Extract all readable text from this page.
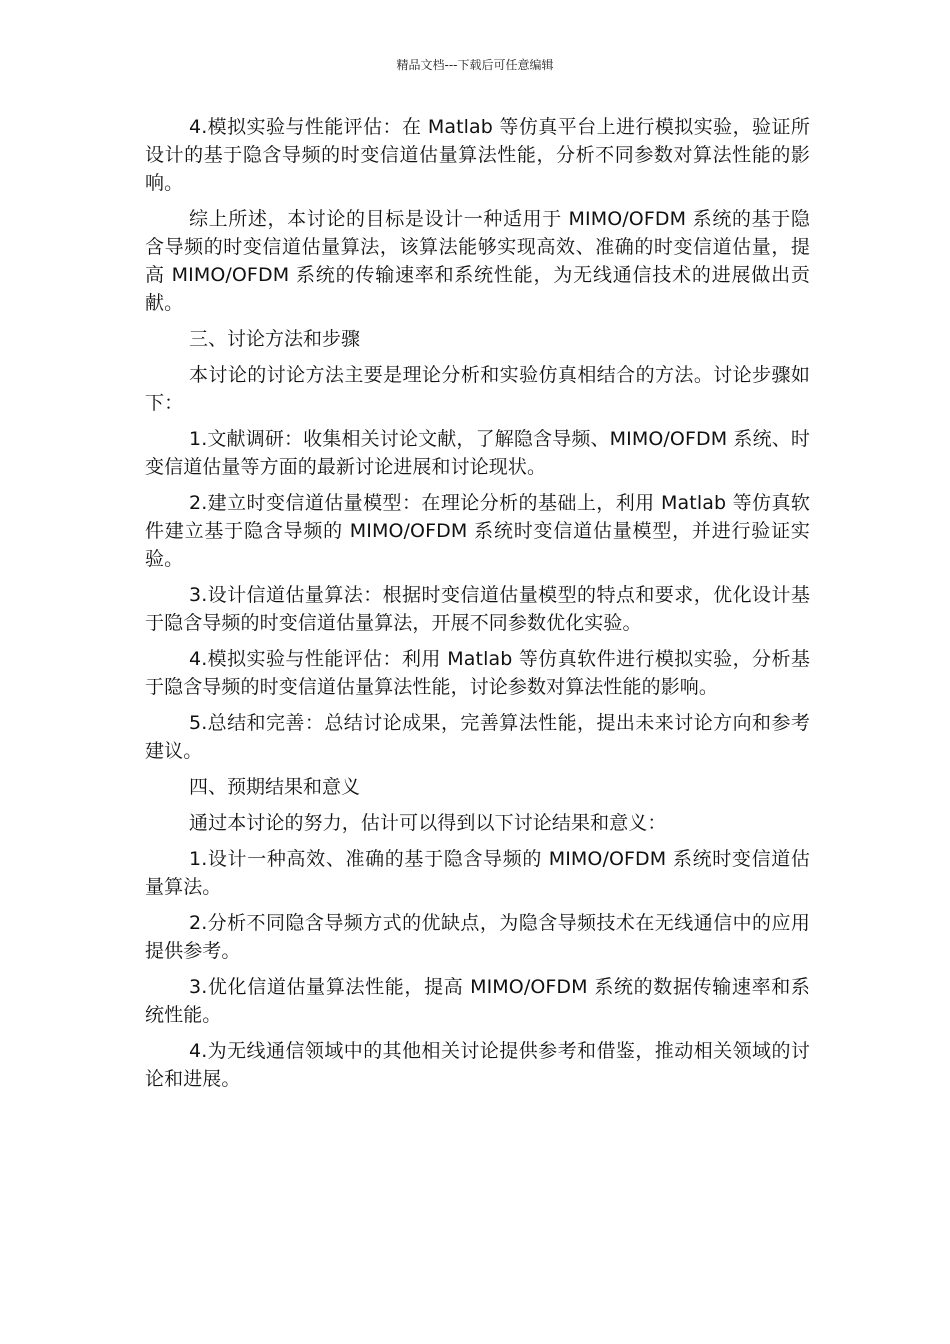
精品文档---下载后可任意编辑

4.模拟实验与性能评估：在 Matlab 等仿真平台上进行模拟实验，验证所设计的基于隐含导频的时变信道估量算法性能，分析不同参数对算法性能的影响。

综上所述，本讨论的目标是设计一种适用于 MIMO/OFDM 系统的基于隐含导频的时变信道估量算法，该算法能够实现高效、准确的时变信道估量，提高 MIMO/OFDM 系统的传输速率和系统性能，为无线通信技术的进展做出贡献。

三、讨论方法和步骤

本讨论的讨论方法主要是理论分析和实验仿真相结合的方法。讨论步骤如下：

1.文献调研：收集相关讨论文献，了解隐含导频、MIMO/OFDM 系统、时变信道估量等方面的最新讨论进展和讨论现状。

2.建立时变信道估量模型：在理论分析的基础上，利用 Matlab 等仿真软件建立基于隐含导频的 MIMO/OFDM 系统时变信道估量模型，并进行验证实验。

3.设计信道估量算法：根据时变信道估量模型的特点和要求，优化设计基于隐含导频的时变信道估量算法，开展不同参数优化实验。

4.模拟实验与性能评估：利用 Matlab 等仿真软件进行模拟实验，分析基于隐含导频的时变信道估量算法性能，讨论参数对算法性能的影响。

5.总结和完善：总结讨论成果，完善算法性能，提出未来讨论方向和参考建议。

四、预期结果和意义

通过本讨论的努力，估计可以得到以下讨论结果和意义：

1.设计一种高效、准确的基于隐含导频的 MIMO/OFDM 系统时变信道估量算法。

2.分析不同隐含导频方式的优缺点，为隐含导频技术在无线通信中的应用提供参考。

3.优化信道估量算法性能，提高 MIMO/OFDM 系统的数据传输速率和系统性能。

4.为无线通信领域中的其他相关讨论提供参考和借鉴，推动相关领域的讨论和进展。
